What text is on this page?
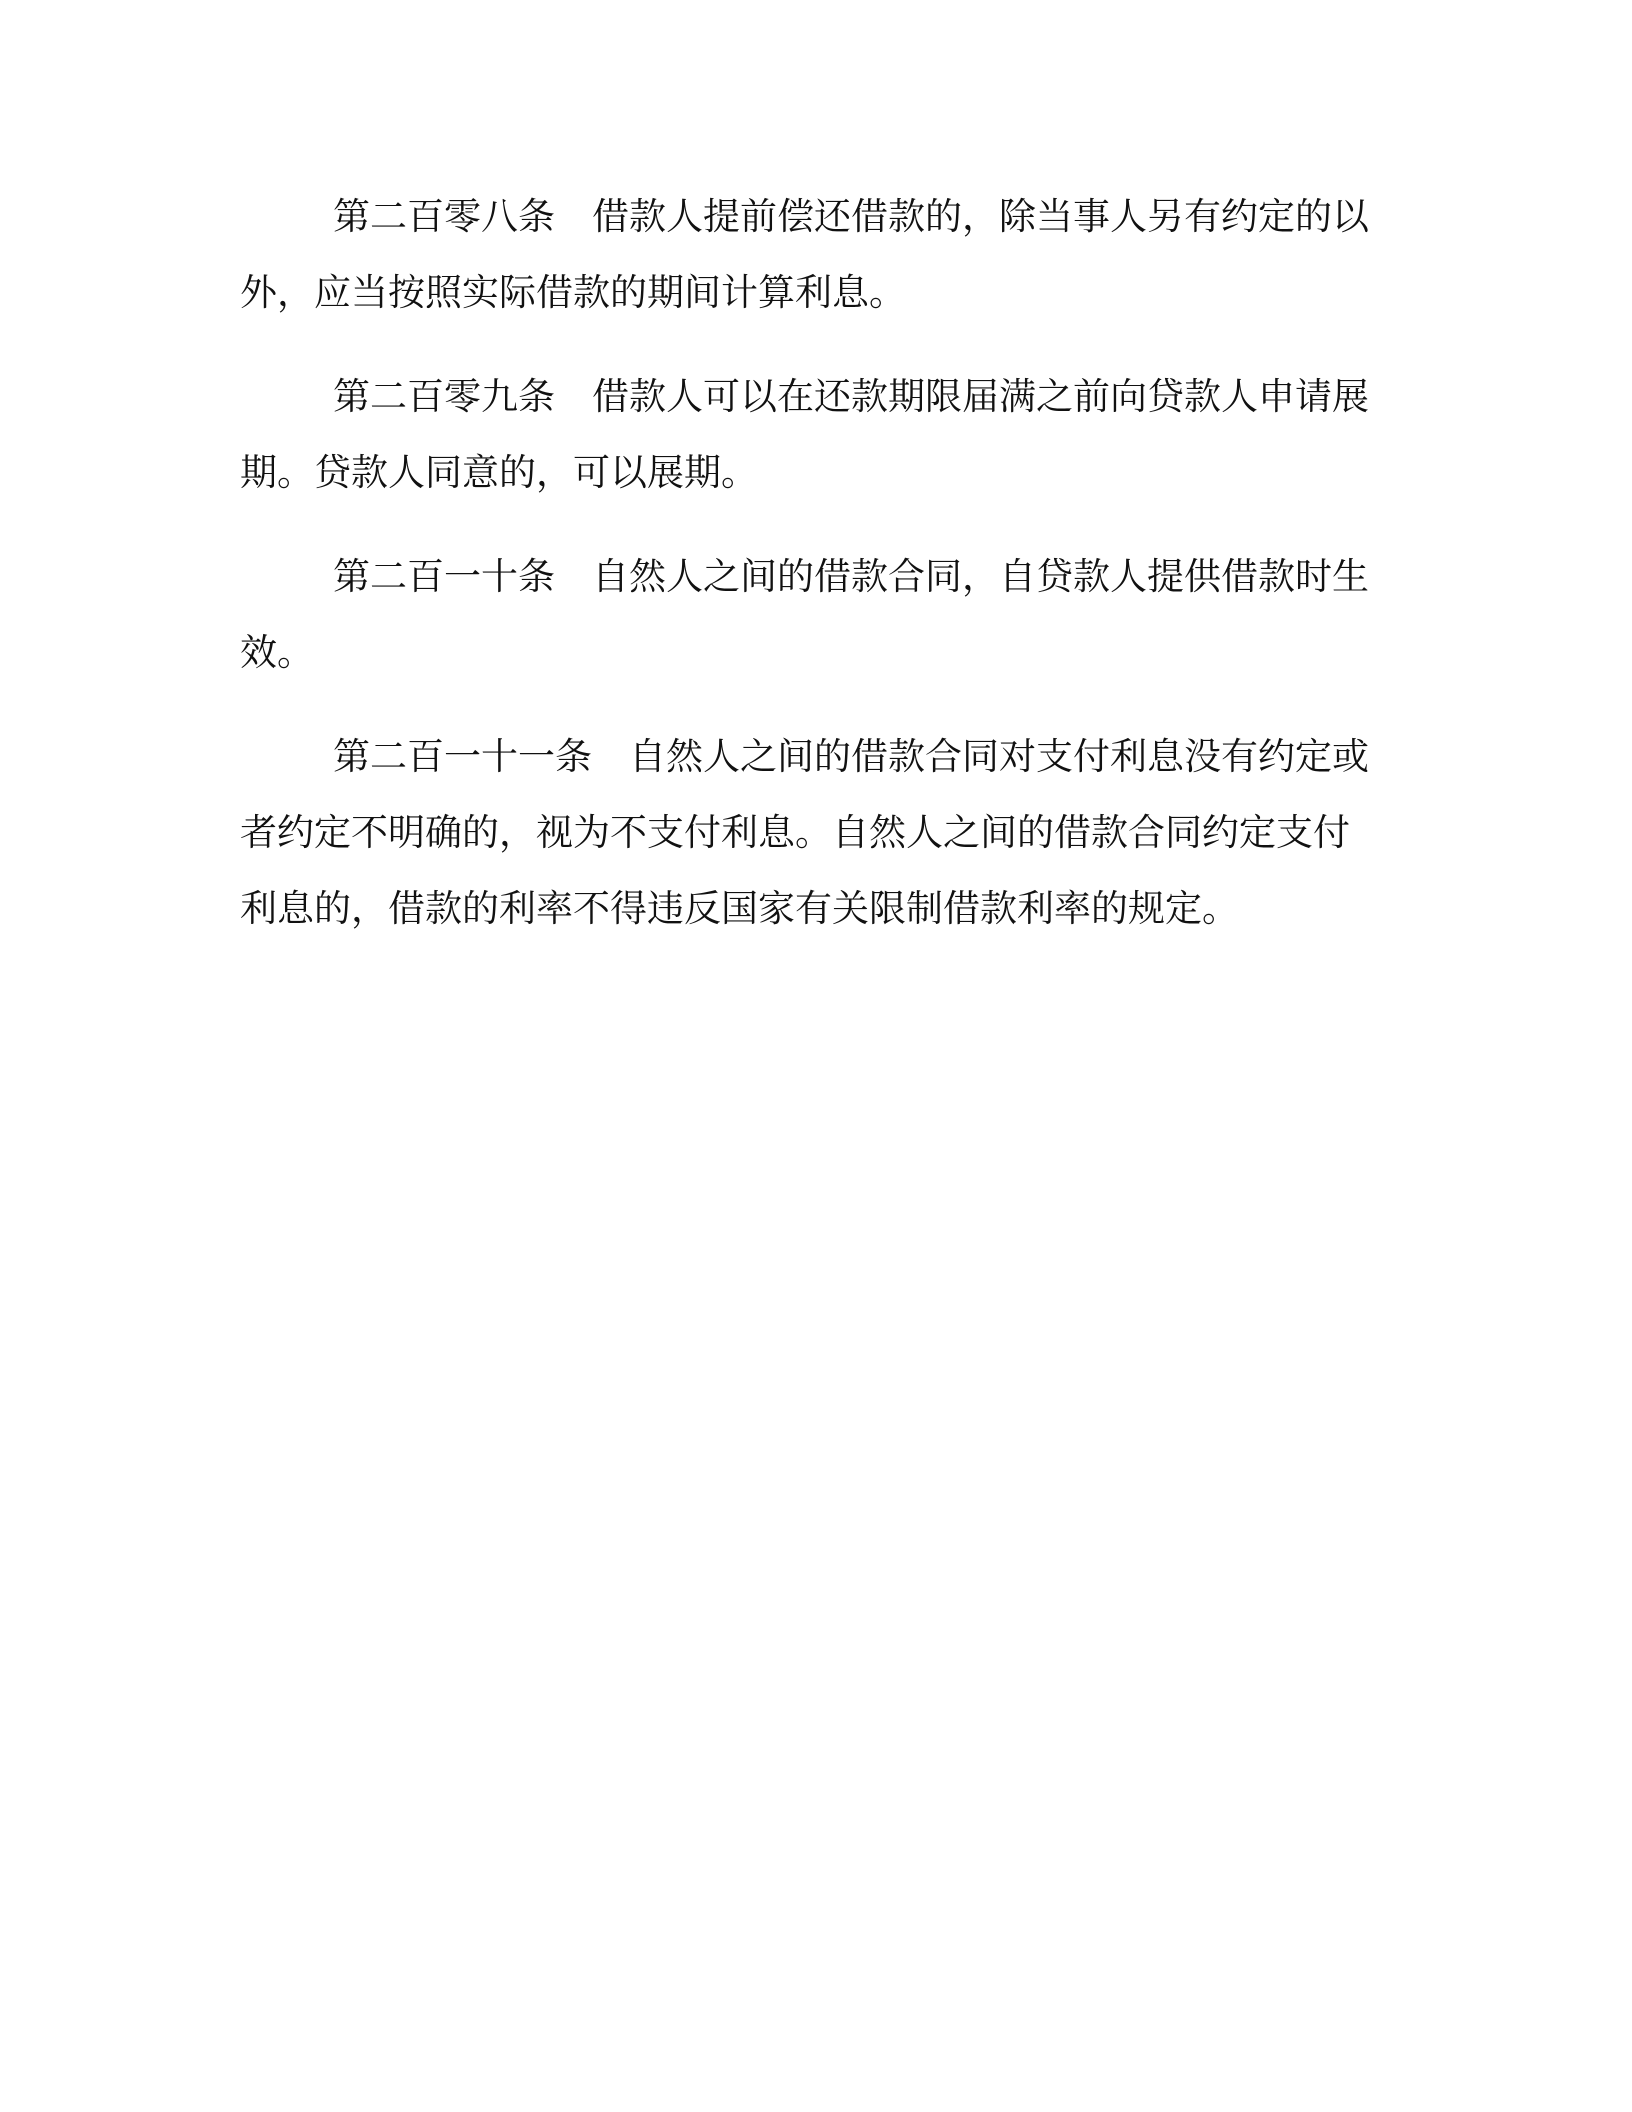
第二百零八条　借款人提前偿还借款的，除当事人另有约定的以
外，应当按照实际借款的期间计算利息。
第二百零九条　借款人可以在还款期限届满之前向贷款人申请展
期。贷款人同意的，可以展期。
第二百一十条　自然人之间的借款合同，自贷款人提供借款时生
效。
第二百一十一条　自然人之间的借款合同对支付利息没有约定或
者约定不明确的，视为不支付利息。自然人之间的借款合同约定支付
利息的，借款的利率不得违反国家有关限制借款利率的规定。
